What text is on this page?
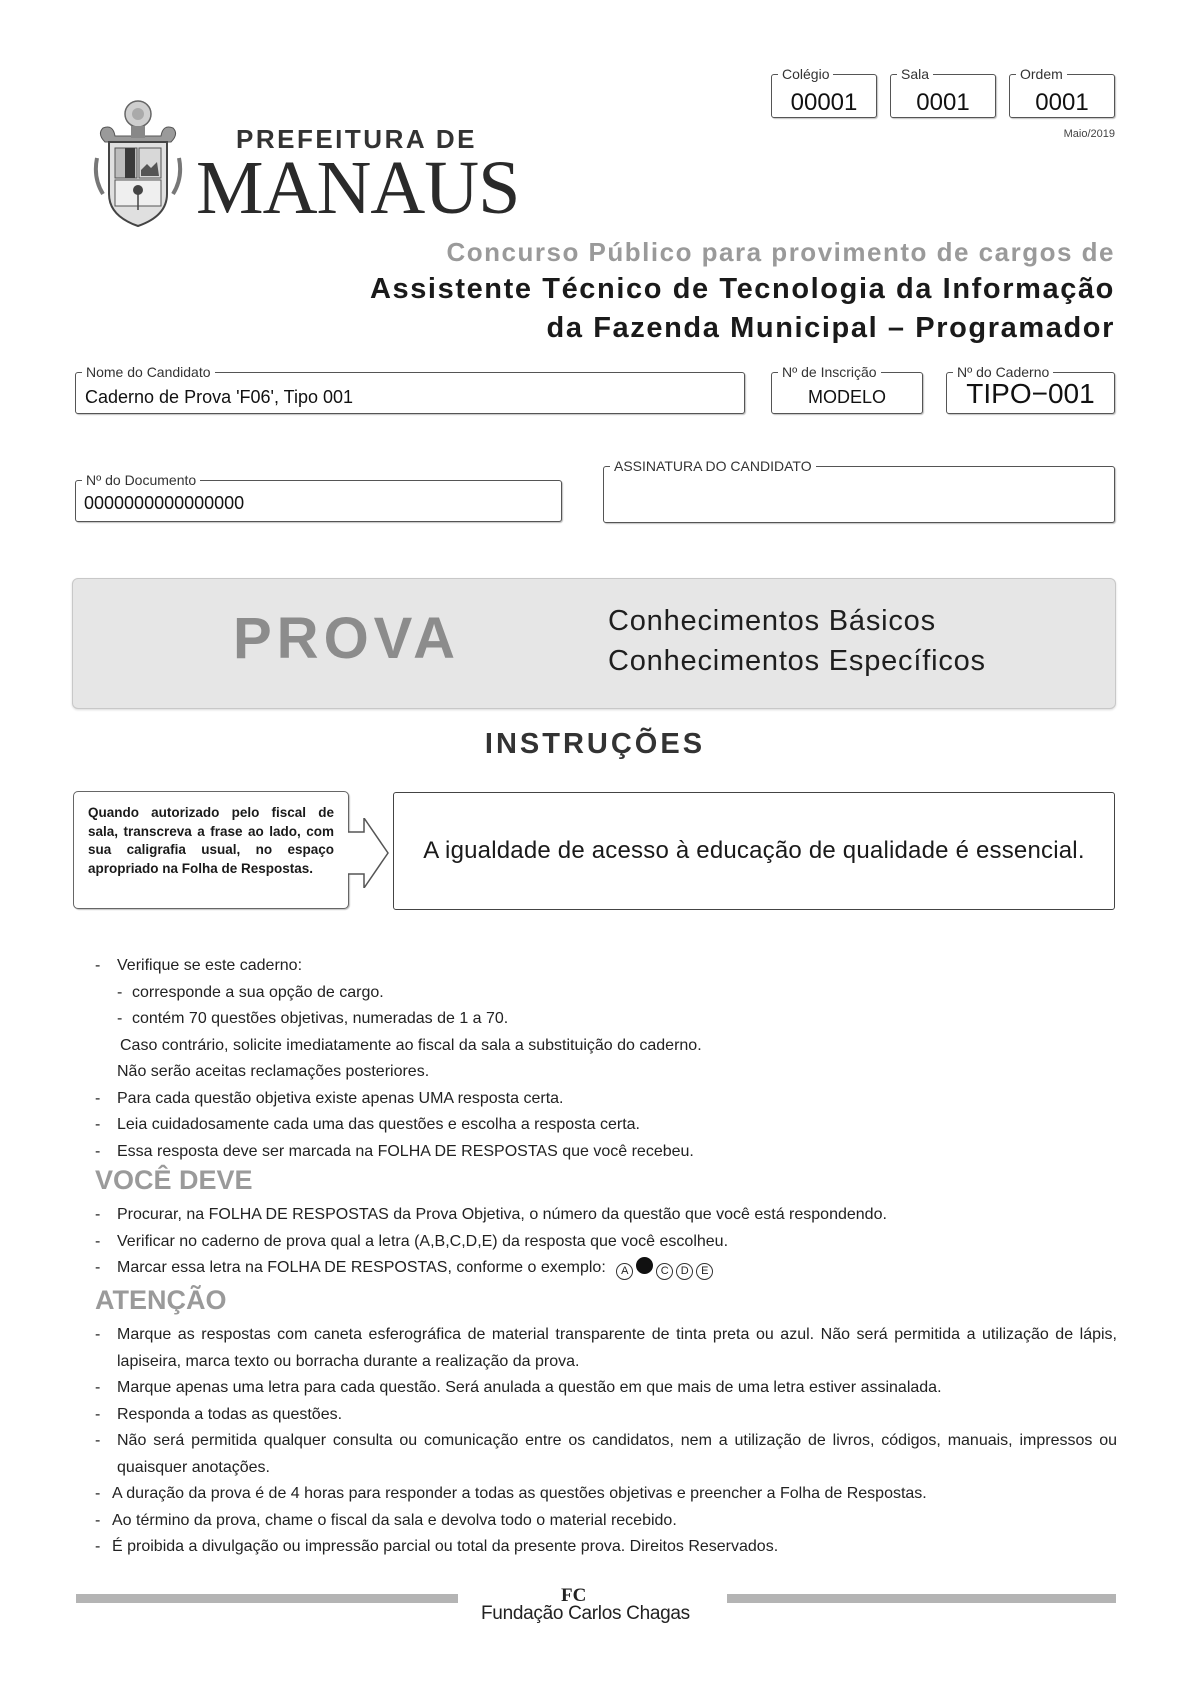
Colégio
00001
Sala
0001
Ordem
0001
Maio/2019
PREFEITURA DE
MANAUS
Concurso Público para provimento de cargos de
Assistente Técnico de Tecnologia da Informação
da Fazenda Municipal – Programador
Nome do Candidato
Caderno de Prova 'F06', Tipo 001
Nº de Inscrição
MODELO
Nº do Caderno
TIPO−001
Nº do Documento
0000000000000000
ASSINATURA DO CANDIDATO
PROVA	Conhecimentos Básicos
Conhecimentos Específicos
INSTRUÇÕES
Quando autorizado pelo fiscal de sala, transcreva a frase ao lado, com sua caligrafia usual, no espaço apropriado na Folha de Respostas.
A igualdade de acesso à educação de qualidade é essencial.
- Verifique se este caderno:
- corresponde a sua opção de cargo.
- contém 70 questões objetivas, numeradas de 1 a 70.
Caso contrário, solicite imediatamente ao fiscal da sala a substituição do caderno.
Não serão aceitas reclamações posteriores.
- Para cada questão objetiva existe apenas UMA resposta certa.
- Leia cuidadosamente cada uma das questões e escolha a resposta certa.
- Essa resposta deve ser marcada na FOLHA DE RESPOSTAS que você recebeu.
VOCÊ DEVE
- Procurar, na FOLHA DE RESPOSTAS da Prova Objetiva, o número da questão que você está respondendo.
- Verificar no caderno de prova qual a letra (A,B,C,D,E) da resposta que você escolheu.
- Marcar essa letra na FOLHA DE RESPOSTAS, conforme o exemplo: A	C D E
ATENÇÃO
- Marque as respostas com caneta esferográfica de material transparente de tinta preta ou azul. Não será permitida a utilização de lápis, lapiseira, marca texto ou borracha durante a realização da prova.
- Marque apenas uma letra para cada questão. Será anulada a questão em que mais de uma letra estiver assinalada.
- Responda a todas as questões.
- Não será permitida qualquer consulta ou comunicação entre os candidatos, nem a utilização de livros, códigos, manuais, impressos ou quaisquer anotações.
- A duração da prova é de 4 horas para responder a todas as questões objetivas e preencher a Folha de Respostas.
- Ao término da prova, chame o fiscal da sala e devolva todo o material recebido.
- É proibida a divulgação ou impressão parcial ou total da presente prova. Direitos Reservados.
FC
Fundação Carlos Chagas
